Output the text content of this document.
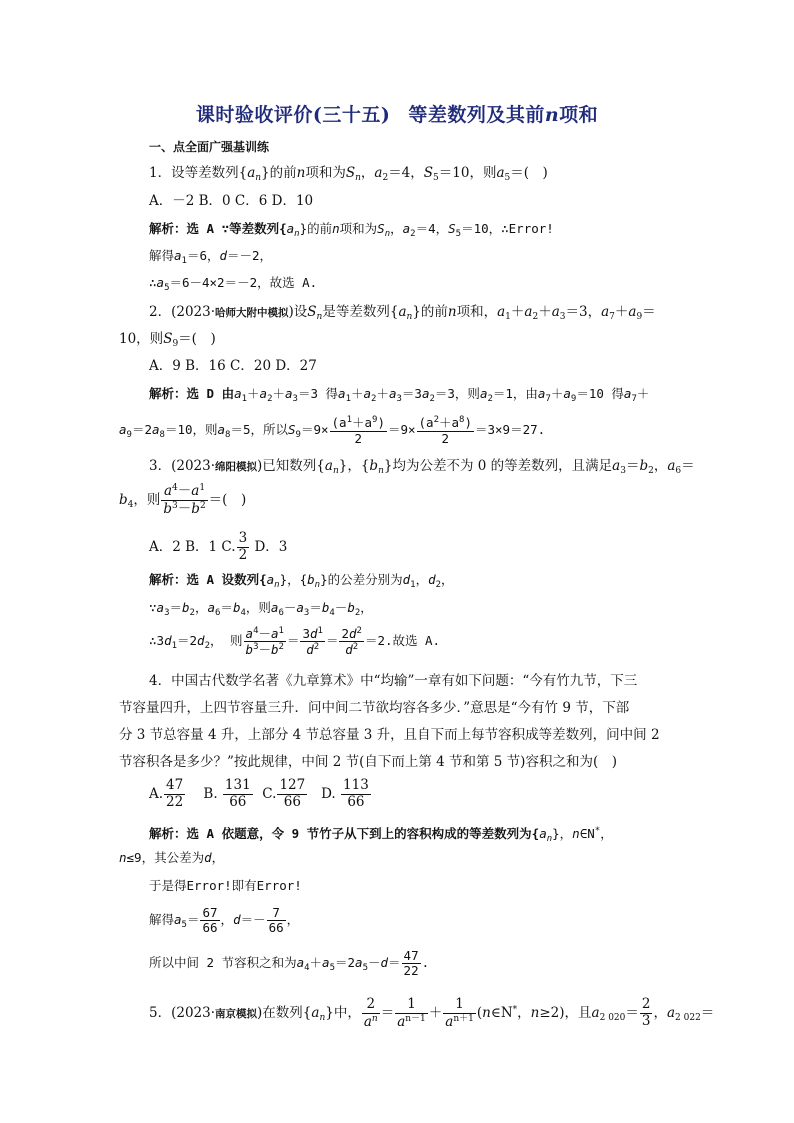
课时验收评价(三十五) 等差数列及其前n项和
一、点全面广强基训练
1．设等差数列$\{a_n\}$的前n项和为$S_n$，$a_2=4$，$S_5=10$，则$a_5=$(　)
A．－2 B．0 C．6 D．10
解析：选 A ∵等差数列$\{a_n\}$的前n项和为$S_n$，$a_2=4$，$S_5=10$，∴Error!
解得$a_1=6$，d＝－2，
$\therefore a_5=6-4\times 2=-2$，故选 A.
2．(2023·哈师大附中模拟)设$S_n$是等差数列$\{a_n\}$的前n项和，$a_1+a_2+a_3=3$，$a_7+a_9=$
10，则$S_9=$(　)
A．9 B．16 C．20 D．27
解析：选 D 由$a_1+a_2+a_3=3$ 得$a_1+a_2+a_3=3a_2=3$，则$a_2=1$，由$a_7+a_9=10$ 得$a_7+$
$a_9=2a_8=10$，则$a_8=5$，所以$S_9=9\times \frac{(a^1+a^9)}{2} =9\times \frac{(a^2+a^8)}{2} =3\times 9=27$.
3．(2023·绵阳模拟)已知数列$\{a_n\}$，$\{b_n\}$均为公差不为 0 的等差数列，且满足$a_3=b_2$，$a_6=$
$b_4$，则 $\frac{a^4-a^1}{b^3-b^2}$ ＝(　)
A．2 B．1 C. $\frac{3}{2}$ D．3
解析：选 A 设数列$\{a_n\}$，$\{b_n\}$的公差分别为$d_1$，$d_2$，
$\because a_3=b_2$，$a_6=b_4$，则$a_6-a_3=b_4-b_2$，
$\therefore 3d_1=2d_2$， 则 $\frac{a^4-a^1}{b^3-b^2} = \frac{3d^1}{d^2} = \frac{2d^2}{d^2} =2$.故选 A.
4．中国古代数学名著《九章算术》中“均输”一章有如下问题：“今有竹九节，下三
节容量四升，上四节容量三升．问中间二节欲均容各多少．”意思是“今有竹 9 节，下部
分 3 节总容量 4 升，上部分 4 节总容量 3 升，且自下而上每节容积成等差数列，问中间 2
节容积各是多少？”按此规律，中间 2 节(自下而上第 4 节和第 5 节)容积之和为(　)
A. $\frac{47}{22} B$. $\frac{131}{66} C$. $\frac{127}{66} D$. $\frac{113}{66}$
解析：选 A 依题意，令 9 节竹子从下到上的容积构成的等差数列为$\{a_n\}$，n∈N*，
n≤9，其公差为d，
于是得Error!即有Error!
解得$a_5= \frac{67}{66}$ ，$d=- \frac{7}{66}$ ，
所以中间 2 节容积之和为$a_4+a_5=2a_5-d= \frac{47}{22}$ .
5．(2023·南京模拟)在数列$\{a_n\}$中， $\frac{2}{a^n} = \frac{1}{a^{n-1}} + \frac{1}{a^{n+1}}$ (n∈N*，n≥2)，且$a_{2 020}= \frac{2}{3}$ ，$a_{2 022}=$
